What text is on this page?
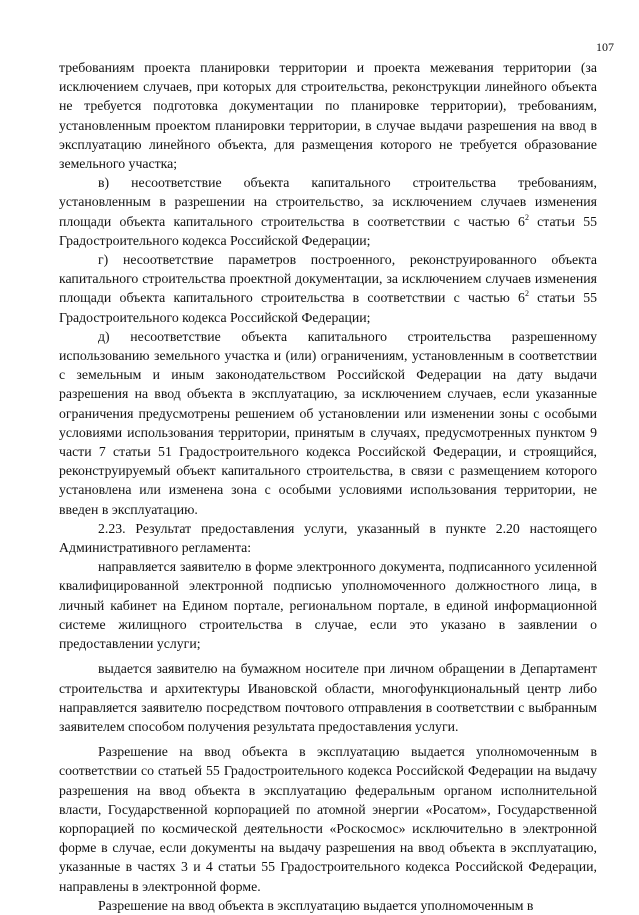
107

требованиям проекта планировки территории и проекта межевания территории (за исключением случаев, при которых для строительства, реконструкции линейного объекта не требуется подготовка документации по планировке территории), требованиям, установленным проектом планировки территории, в случае выдачи разрешения на ввод в эксплуатацию линейного объекта, для размещения которого не требуется образование земельного участка;

в) несоответствие объекта капитального строительства требованиям, установленным в разрешении на строительство, за исключением случаев изменения площади объекта капитального строительства в соответствии с частью $6^2$ статьи 55 Градостроительного кодекса Российской Федерации;

г) несоответствие параметров построенного, реконструированного объекта капитального строительства проектной документации, за исключением случаев изменения площади объекта капитального строительства в соответствии с частью $6^2$ статьи 55 Градостроительного кодекса Российской Федерации;

д) несоответствие объекта капитального строительства разрешенному использованию земельного участка и (или) ограничениям, установленным в соответствии с земельным и иным законодательством Российской Федерации на дату выдачи разрешения на ввод объекта в эксплуатацию, за исключением случаев, если указанные ограничения предусмотрены решением об установлении или изменении зоны с особыми условиями использования территории, принятым в случаях, предусмотренных пунктом 9 части 7 статьи 51 Градостроительного кодекса Российской Федерации, и строящийся, реконструируемый объект капитального строительства, в связи с размещением которого установлена или изменена зона с особыми условиями использования территории, не введен в эксплуатацию.

2.23. Результат предоставления услуги, указанный в пункте 2.20 настоящего Административного регламента:

направляется заявителю в форме электронного документа, подписанного усиленной квалифицированной электронной подписью уполномоченного должностного лица, в личный кабинет на Едином портале, региональном портале, в единой информационной системе жилищного строительства в случае, если это указано в заявлении о предоставлении услуги;

выдается заявителю на бумажном носителе при личном обращении в Департамент строительства и архитектуры Ивановской области, многофункциональный центр либо направляется заявителю посредством почтового отправления в соответствии с выбранным заявителем способом получения результата предоставления услуги.

Разрешение на ввод объекта в эксплуатацию выдается уполномоченным в соответствии со статьей 55 Градостроительного кодекса Российской Федерации на выдачу разрешения на ввод объекта в эксплуатацию федеральным органом исполнительной власти, Государственной корпорацией по атомной энергии «Росатом», Государственной корпорацией по космической деятельности «Роскосмос» исключительно в электронной форме в случае, если документы на выдачу разрешения на ввод объекта в эксплуатацию, указанные в частях 3 и 4 статьи 55 Градостроительного кодекса Российской Федерации, направлены в электронной форме.

Разрешение на ввод объекта в эксплуатацию выдается уполномоченным в
